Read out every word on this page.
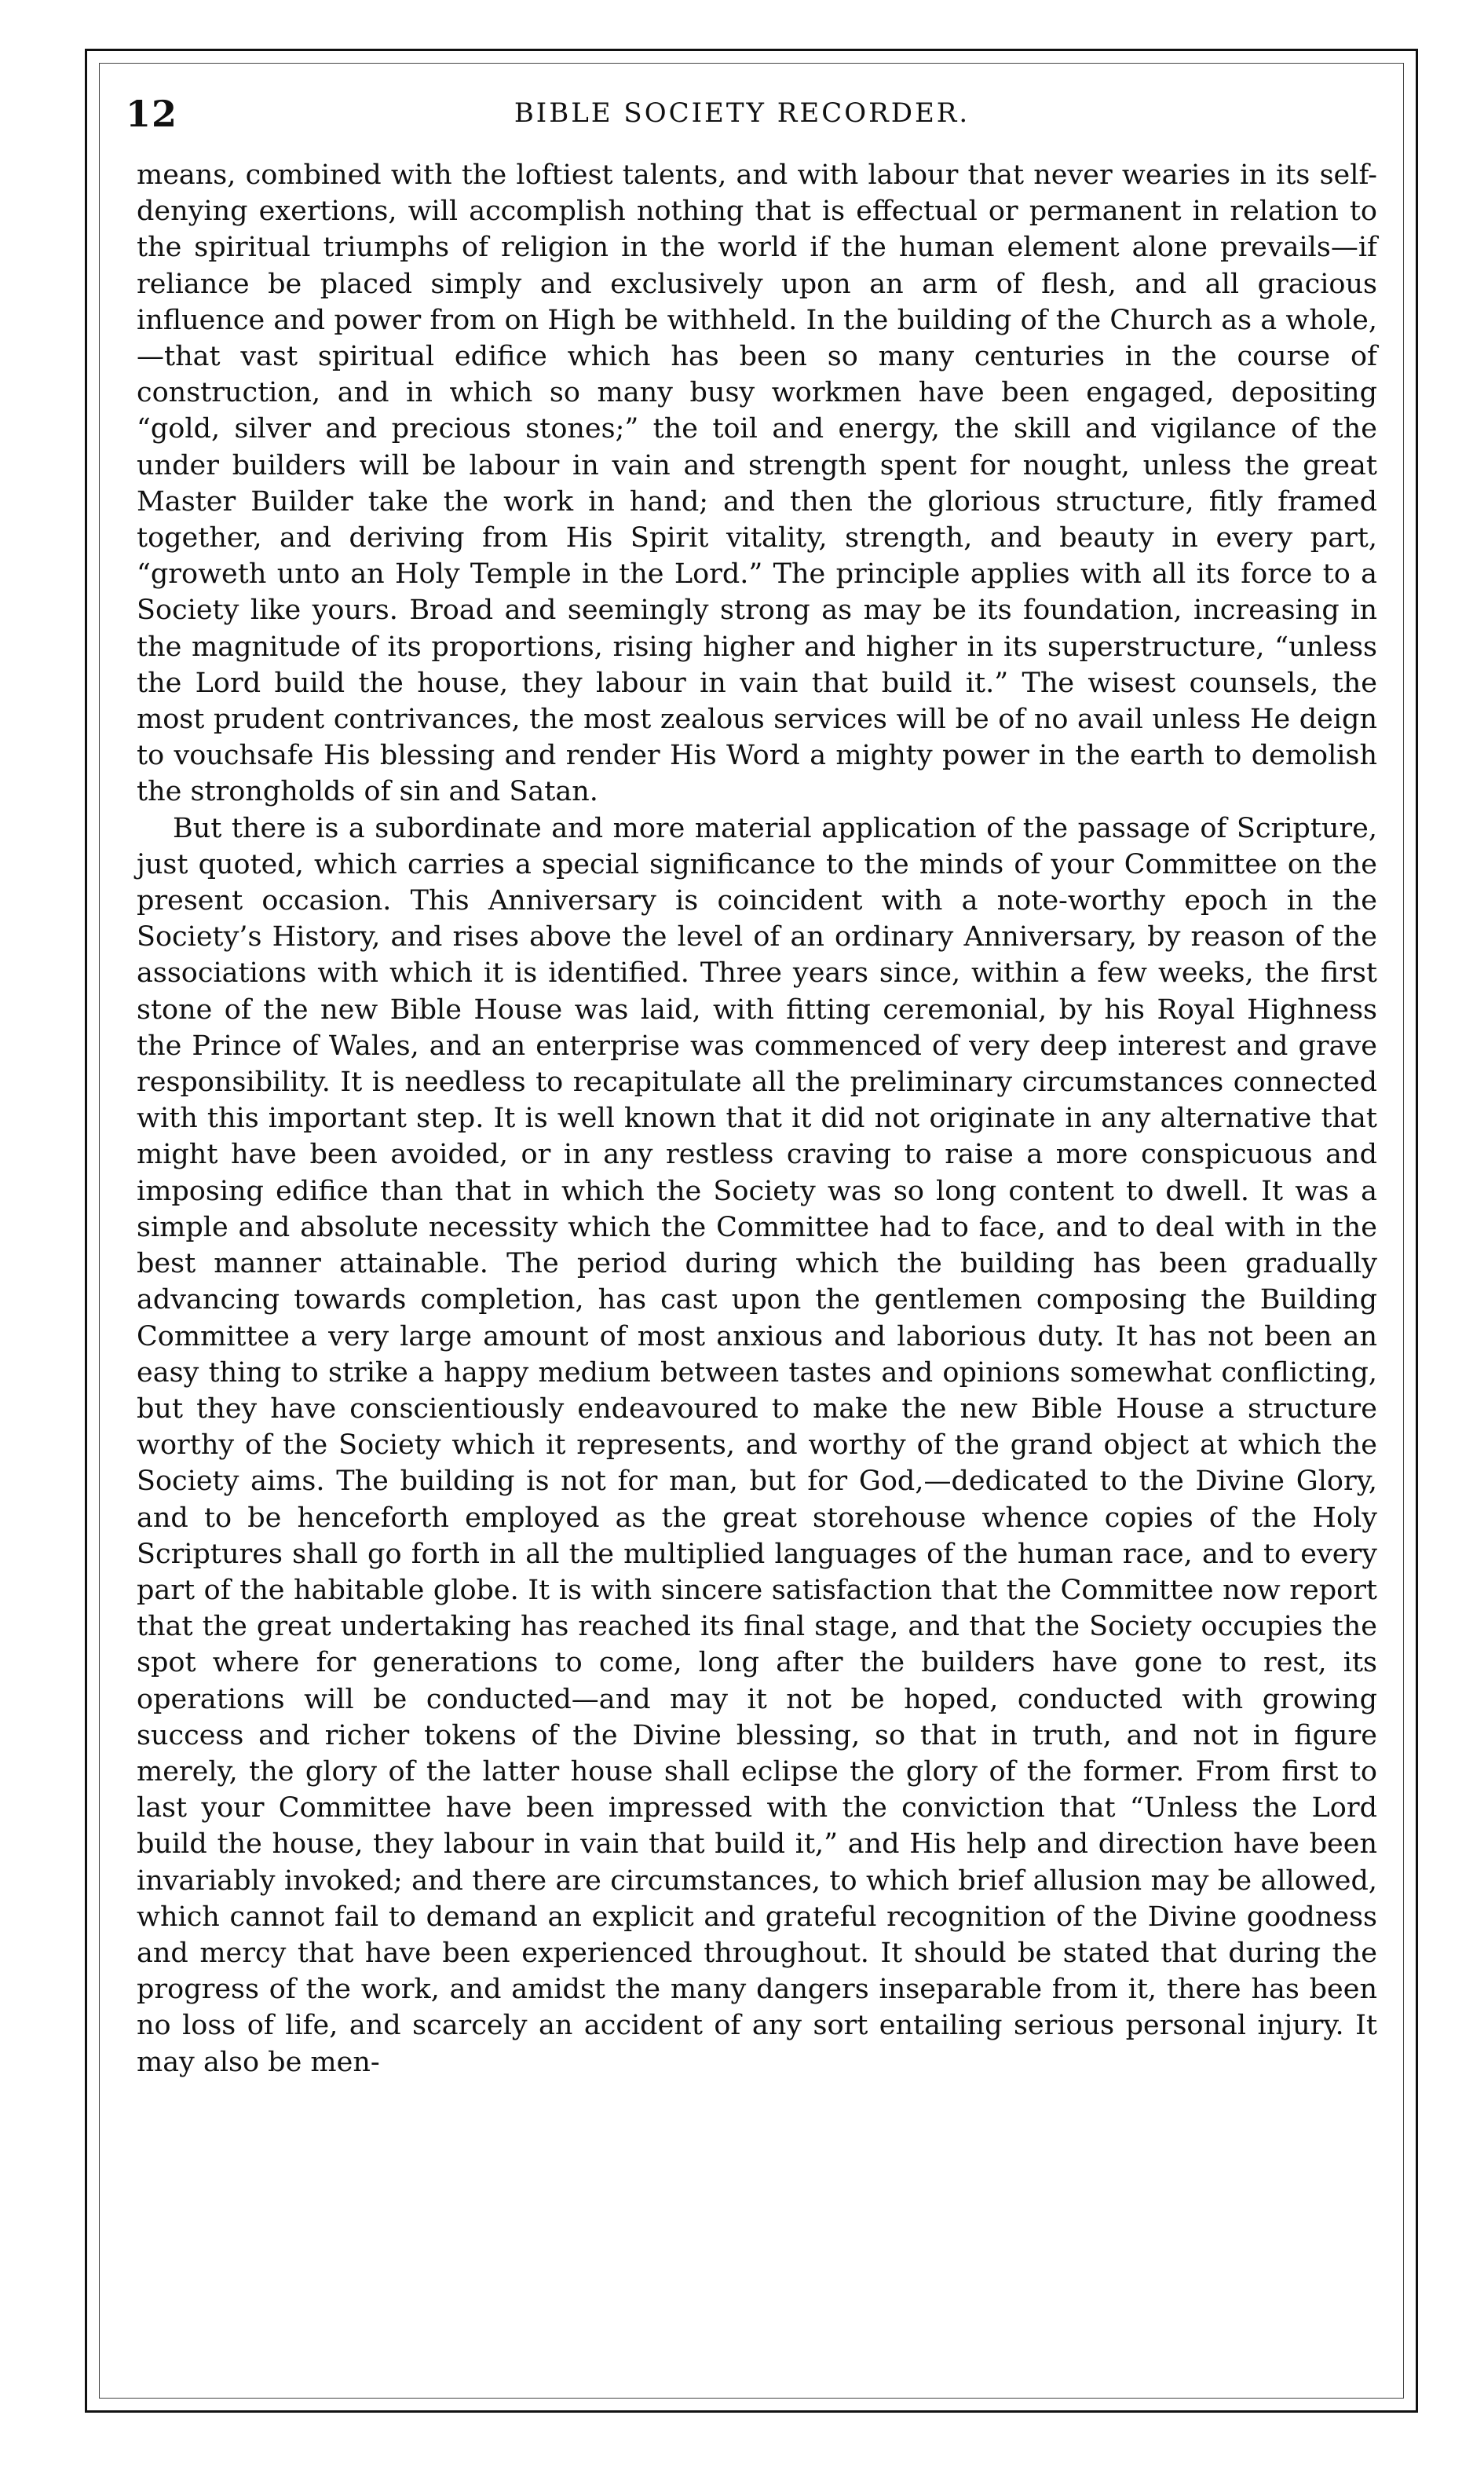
12	BIBLE SOCIETY RECORDER.

means, combined with the loftiest talents, and with labour that never wearies in its self-denying exertions, will accomplish nothing that is effectual or permanent in relation to the spiritual triumphs of religion in the world if the human element alone prevails—if reliance be placed simply and exclusively upon an arm of flesh, and all gracious influence and power from on High be withheld. In the building of the Church as a whole,—that vast spiritual edifice which has been so many centuries in the course of construction, and in which so many busy workmen have been engaged, depositing “gold, silver and precious stones;” the toil and energy, the skill and vigilance of the under builders will be labour in vain and strength spent for nought, unless the great Master Builder take the work in hand; and then the glorious structure, fitly framed together, and deriving from His Spirit vitality, strength, and beauty in every part, “groweth unto an Holy Temple in the Lord.” The principle applies with all its force to a Society like yours. Broad and seemingly strong as may be its foundation, increasing in the magnitude of its proportions, rising higher and higher in its superstructure, “unless the Lord build the house, they labour in vain that build it.” The wisest counsels, the most prudent contrivances, the most zealous services will be of no avail unless He deign to vouchsafe His blessing and render His Word a mighty power in the earth to demolish the strongholds of sin and Satan.

But there is a subordinate and more material application of the passage of Scripture, just quoted, which carries a special significance to the minds of your Committee on the present occasion. This Anniversary is coincident with a note-worthy epoch in the Society’s History, and rises above the level of an ordinary Anniversary, by reason of the associations with which it is identified. Three years since, within a few weeks, the first stone of the new Bible House was laid, with fitting ceremonial, by his Royal Highness the Prince of Wales, and an enterprise was commenced of very deep interest and grave responsibility. It is needless to recapitulate all the preliminary circumstances connected with this important step. It is well known that it did not originate in any alternative that might have been avoided, or in any restless craving to raise a more conspicuous and imposing edifice than that in which the Society was so long content to dwell. It was a simple and absolute necessity which the Committee had to face, and to deal with in the best manner attainable. The period during which the building has been gradually advancing towards completion, has cast upon the gentlemen composing the Building Committee a very large amount of most anxious and laborious duty. It has not been an easy thing to strike a happy medium between tastes and opinions somewhat conflicting, but they have conscientiously endeavoured to make the new Bible House a structure worthy of the Society which it represents, and worthy of the grand object at which the Society aims. The building is not for man, but for God,—dedicated to the Divine Glory, and to be henceforth employed as the great storehouse whence copies of the Holy Scriptures shall go forth in all the multiplied languages of the human race, and to every part of the habitable globe. It is with sincere satisfaction that the Committee now report that the great undertaking has reached its final stage, and that the Society occupies the spot where for generations to come, long after the builders have gone to rest, its operations will be conducted—and may it not be hoped, conducted with growing success and richer tokens of the Divine blessing, so that in truth, and not in figure merely, the glory of the latter house shall eclipse the glory of the former. From first to last your Committee have been impressed with the conviction that “Unless the Lord build the house, they labour in vain that build it,” and His help and direction have been invariably invoked; and there are circumstances, to which brief allusion may be allowed, which cannot fail to demand an explicit and grateful recognition of the Divine goodness and mercy that have been experienced throughout. It should be stated that during the progress of the work, and amidst the many dangers inseparable from it, there has been no loss of life, and scarcely an accident of any sort entailing serious personal injury. It may also be men-
